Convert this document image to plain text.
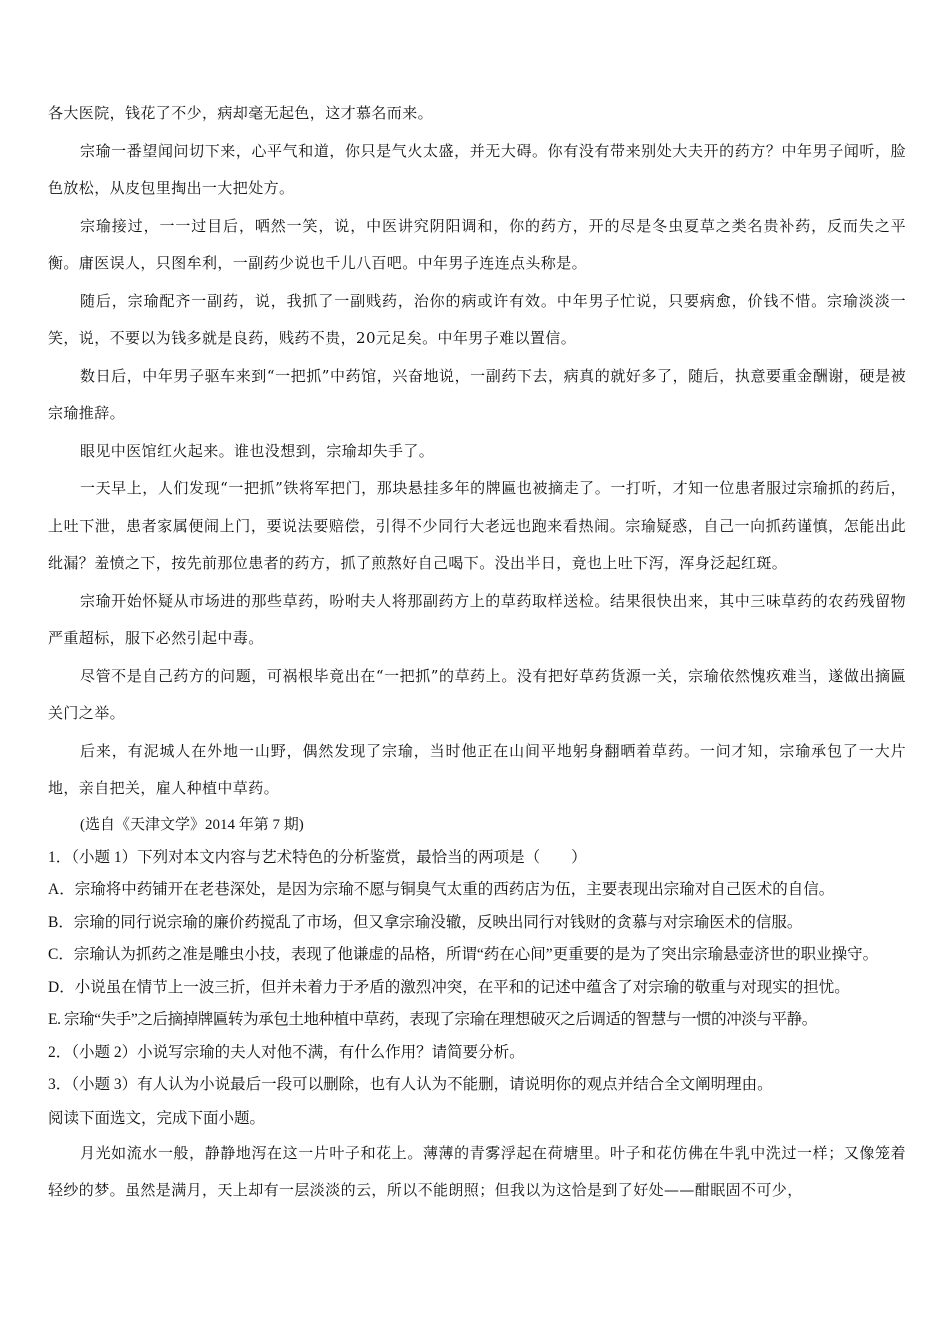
各大医院，钱花了不少，病却毫无起色，这才慕名而来。

宗瑜一番望闻问切下来，心平气和道，你只是气火太盛，并无大碍。你有没有带来别处大夫开的药方？中年男子闻听，脸色放松，从皮包里掏出一大把处方。

宗瑜接过，一一过目后，哂然一笑，说，中医讲究阴阳调和，你的药方，开的尽是冬虫夏草之类名贵补药，反而失之平衡。庸医误人，只图牟利，一副药少说也千儿八百吧。中年男子连连点头称是。

随后，宗瑜配齐一副药，说，我抓了一副贱药，治你的病或许有效。中年男子忙说，只要病愈，价钱不惜。宗瑜淡淡一笑，说，不要以为钱多就是良药，贱药不贵，20元足矣。中年男子难以置信。

数日后，中年男子驱车来到“一把抓”中药馆，兴奋地说，一副药下去，病真的就好多了，随后，执意要重金酬谢，硬是被宗瑜推辞。

眼见中医馆红火起来。谁也没想到，宗瑜却失手了。

一天早上，人们发现“一把抓”铁将军把门，那块悬挂多年的牌匾也被摘走了。一打听，才知一位患者服过宗瑜抓的药后，上吐下泄，患者家属便闹上门，要说法要赔偿，引得不少同行大老远也跑来看热闹。宗瑜疑惑，自己一向抓药谨慎，怎能出此纰漏？羞愤之下，按先前那位患者的药方，抓了煎熬好自己喝下。没出半日，竟也上吐下泻，浑身泛起红斑。

宗瑜开始怀疑从市场进的那些草药，吩咐夫人将那副药方上的草药取样送检。结果很快出来，其中三味草药的农药残留物严重超标，服下必然引起中毒。

尽管不是自己药方的问题，可祸根毕竟出在“一把抓”的草药上。没有把好草药货源一关，宗瑜依然愧疚难当，遂做出摘匾关门之举。

后来，有泥城人在外地一山野，偶然发现了宗瑜，当时他正在山间平地躬身翻晒着草药。一问才知，宗瑜承包了一大片地，亲自把关，雇人种植中草药。

(选自《天津文学》2014 年第 7 期)

1．（小题 1）下列对本文内容与艺术特色的分析鉴赏，最恰当的两项是（　　）

A．宗瑜将中药铺开在老巷深处，是因为宗瑜不愿与铜臭气太重的西药店为伍，主要表现出宗瑜对自己医术的自信。

B．宗瑜的同行说宗瑜的廉价药搅乱了市场，但又拿宗瑜没辙，反映出同行对钱财的贪慕与对宗瑜医术的信服。

C．宗瑜认为抓药之准是雕虫小技，表现了他谦虚的品格，所谓“药在心间”更重要的是为了突出宗瑜悬壶济世的职业操守。

D．小说虽在情节上一波三折，但并未着力于矛盾的激烈冲突，在平和的记述中蕴含了对宗瑜的敬重与对现实的担忧。

E. 宗瑜“失手”之后摘掉牌匾转为承包土地种植中草药，表现了宗瑜在理想破灭之后调适的智慧与一惯的冲淡与平静。

2．（小题 2）小说写宗瑜的夫人对他不满，有什么作用？请简要分析。

3．（小题 3）有人认为小说最后一段可以删除，也有人认为不能删，请说明你的观点并结合全文阐明理由。

阅读下面选文，完成下面小题。

月光如流水一般，静静地泻在这一片叶子和花上。薄薄的青雾浮起在荷塘里。叶子和花仿佛在牛乳中洗过一样；又像笼着轻纱的梦。虽然是满月，天上却有一层淡淡的云，所以不能朗照；但我以为这恰是到了好处——酣眠固不可少，
